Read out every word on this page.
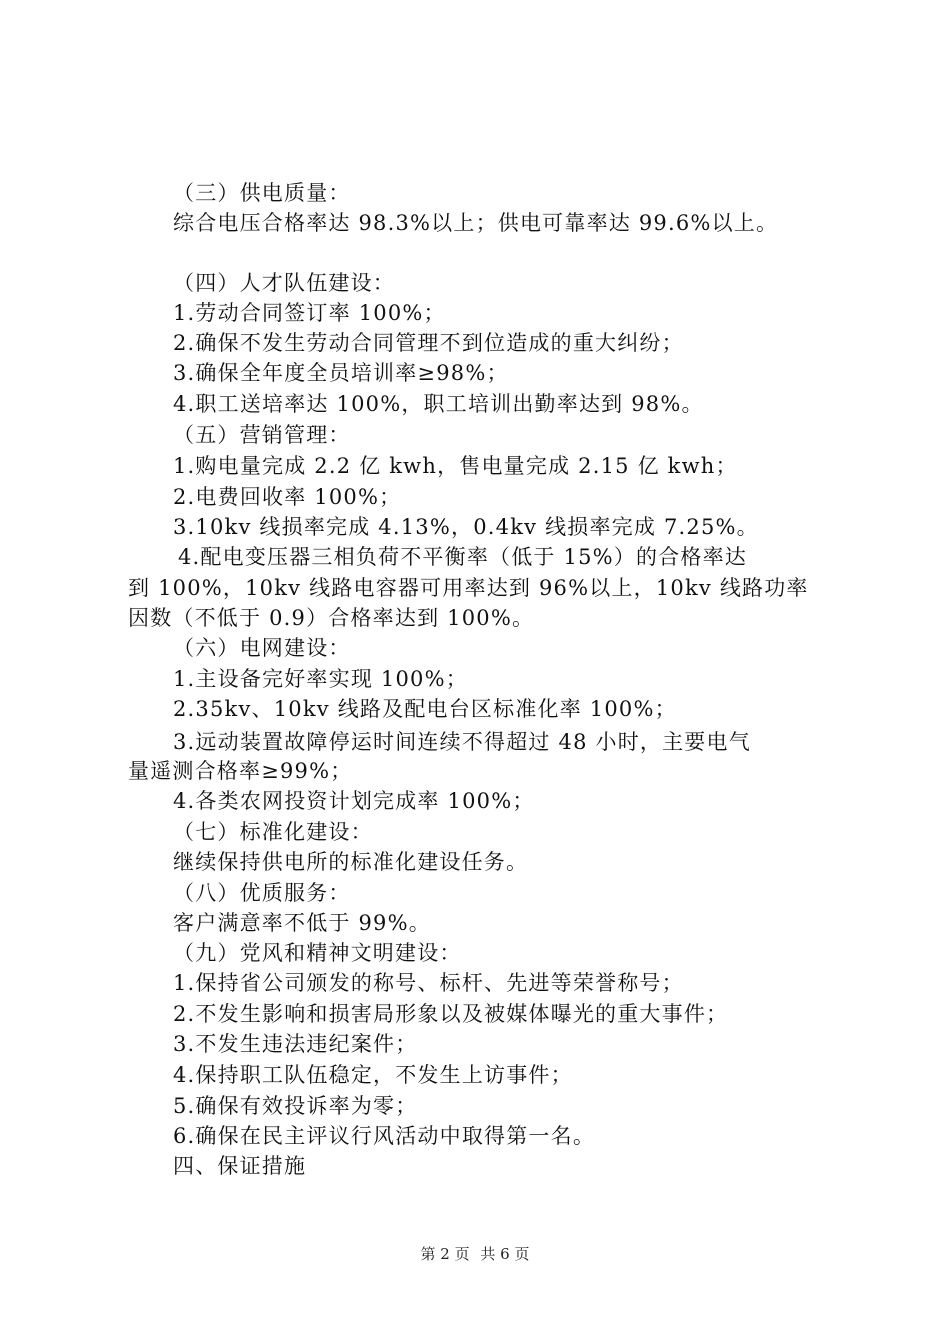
（三）供电质量：

综合电压合格率达 98.3%以上；供电可靠率达 99.6%以上。

（四）人才队伍建设：

1.劳动合同签订率 100%；

2.确保不发生劳动合同管理不到位造成的重大纠纷；

3.确保全年度全员培训率≥98%；

4.职工送培率达 100%，职工培训出勤率达到 98%。

（五）营销管理：

1.购电量完成 2.2 亿 kwh，售电量完成 2.15 亿 kwh；

2.电费回收率 100%；

3.10kv 线损率完成 4.13%，0.4kv 线损率完成 7.25%。

4.配电变压器三相负荷不平衡率（低于 15%）的合格率达

到 100%，10kv 线路电容器可用率达到 96%以上，10kv 线路功率

因数（不低于 0.9）合格率达到 100%。

（六）电网建设：

1.主设备完好率实现 100%；

2.35kv、10kv 线路及配电台区标准化率 100%；

3.远动装置故障停运时间连续不得超过 48 小时，主要电气

量遥测合格率≥99%；

4.各类农网投资计划完成率 100%；

（七）标准化建设：

继续保持供电所的标准化建设任务。

（八）优质服务：

客户满意率不低于 99%。

（九）党风和精神文明建设：

1.保持省公司颁发的称号、标杆、先进等荣誉称号；

2.不发生影响和损害局形象以及被媒体曝光的重大事件；

3.不发生违法违纪案件；

4.保持职工队伍稳定，不发生上访事件；

5.确保有效投诉率为零；

6.确保在民主评议行风活动中取得第一名。

四、保证措施

第 2 页 共 6 页
